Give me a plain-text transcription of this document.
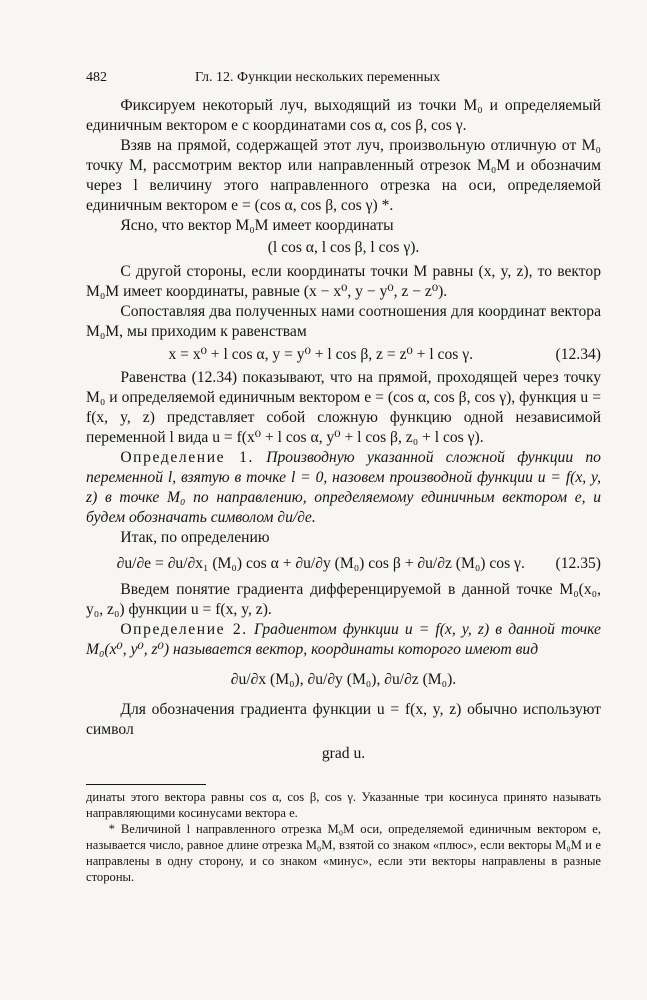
482	Гл. 12. Функции нескольких переменных

Фиксируем некоторый луч, выходящий из точки M₀ и определяемый единичным вектором e с координатами cos α, cos β, cos γ.

Взяв на прямой, содержащей этот луч, произвольную отличную от M₀ точку M, рассмотрим вектор или направленный отрезок M₀M и обозначим через l величину этого направленного отрезка на оси, определяемой единичным вектором e = (cos α, cos β, cos γ) *.

Ясно, что вектор M₀M имеет координаты

(l cos α, l cos β, l cos γ).

С другой стороны, если координаты точки M равны (x, y, z), то вектор M₀M имеет координаты, равные (x − x⁰, y − y⁰, z − z⁰).

Сопоставляя два полученных нами соотношения для координат вектора M₀M, мы приходим к равенствам

x = x⁰ + l cos α, y = y⁰ + l cos β, z = z⁰ + l cos γ.	(12.34)

Равенства (12.34) показывают, что на прямой, проходящей через точку M₀ и определяемой единичным вектором e = (cos α, cos β, cos γ), функция u = f(x, y, z) представляет собой сложную функцию одной независимой переменной l вида u = f(x⁰ + l cos α, y⁰ + l cos β, z₀ + l cos γ).

Определение 1. Производную указанной сложной функции по переменной l, взятую в точке l = 0, назовем производной функции u = f(x, y, z) в точке M₀ по направлению, определяемому единичным вектором e, и будем обозначать символом ∂u/∂e.

Итак, по определению

∂u/∂e = ∂u/∂x₁ (M₀) cos α + ∂u/∂y (M₀) cos β + ∂u/∂z (M₀) cos γ.	(12.35)

Введем понятие градиента дифференцируемой в данной точке M₀(x₀, y₀, z₀) функции u = f(x, y, z).

Определение 2. Градиентом функции u = f(x, y, z) в данной точке M₀(x⁰, y⁰, z⁰) называется вектор, координаты которого имеют вид

∂u/∂x (M₀), ∂u/∂y (M₀), ∂u/∂z (M₀).

Для обозначения градиента функции u = f(x, y, z) обычно используют символ

grad u.

динаты этого вектора равны cos α, cos β, cos γ. Указанные три косинуса принято называть направляющими косинусами вектора e.

* Величиной l направленного отрезка M₀M оси, определяемой единичным вектором e, называется число, равное длине отрезка M₀M, взятой со знаком «плюс», если векторы M₀M и e направлены в одну сторону, и со знаком «минус», если эти векторы направлены в разные стороны.
